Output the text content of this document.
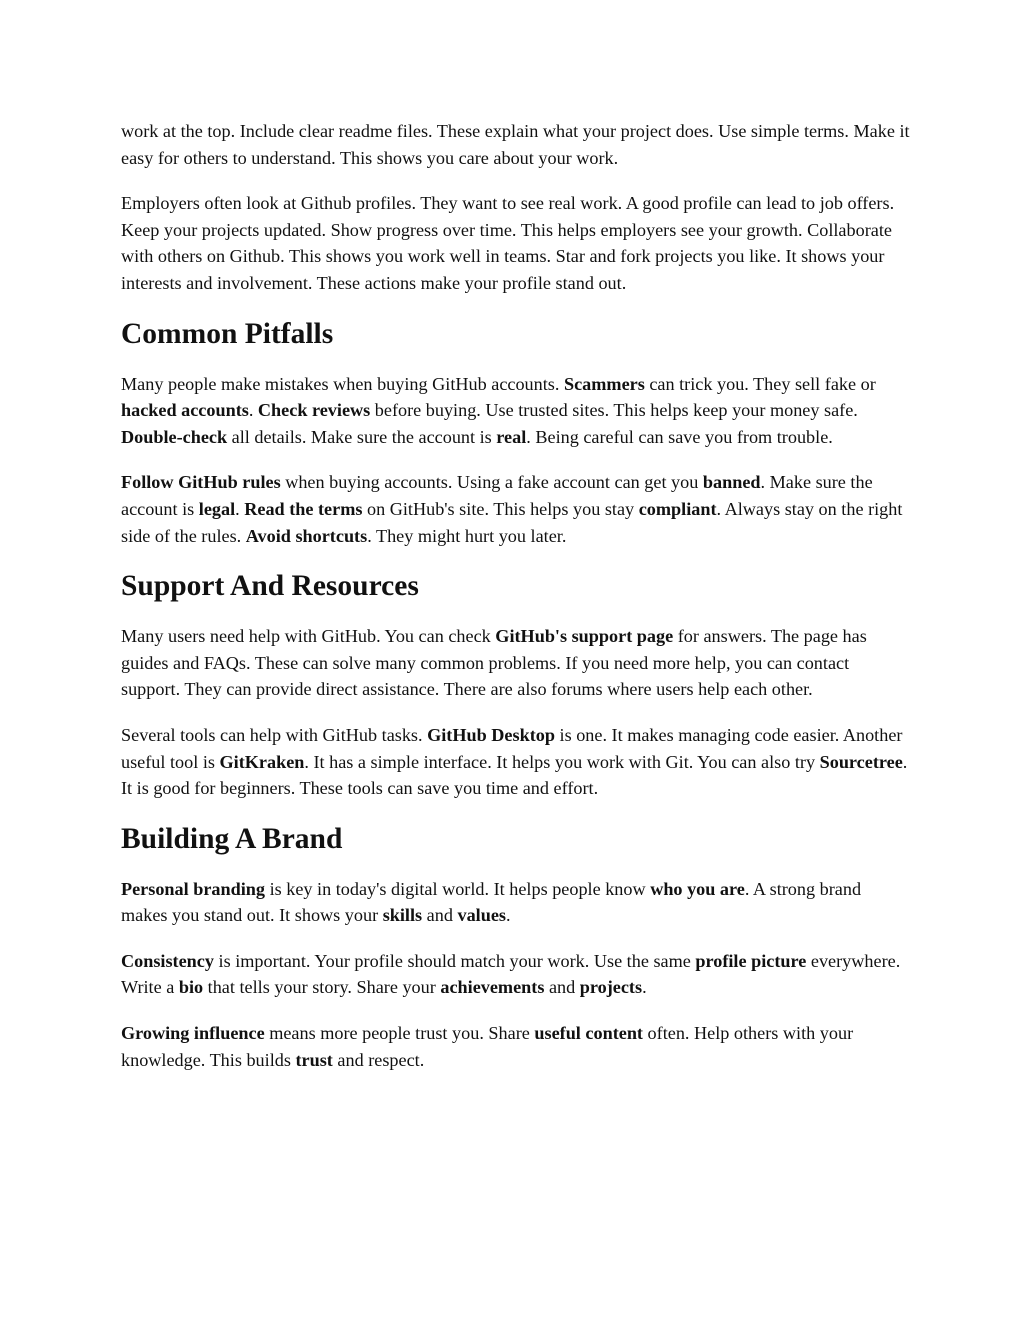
work at the top. Include clear readme files. These explain what your project does. Use simple terms. Make it easy for others to understand. This shows you care about your work.

Employers often look at Github profiles. They want to see real work. A good profile can lead to job offers. Keep your projects updated. Show progress over time. This helps employers see your growth. Collaborate with others on Github. This shows you work well in teams. Star and fork projects you like. It shows your interests and involvement. These actions make your profile stand out.

Common Pitfalls

Many people make mistakes when buying GitHub accounts. Scammers can trick you. They sell fake or hacked accounts. Check reviews before buying. Use trusted sites. This helps keep your money safe. Double-check all details. Make sure the account is real. Being careful can save you from trouble.

Follow GitHub rules when buying accounts. Using a fake account can get you banned. Make sure the account is legal. Read the terms on GitHub's site. This helps you stay compliant. Always stay on the right side of the rules. Avoid shortcuts. They might hurt you later.

Support And Resources

Many users need help with GitHub. You can check GitHub's support page for answers. The page has guides and FAQs. These can solve many common problems. If you need more help, you can contact support. They can provide direct assistance. There are also forums where users help each other.

Several tools can help with GitHub tasks. GitHub Desktop is one. It makes managing code easier. Another useful tool is GitKraken. It has a simple interface. It helps you work with Git. You can also try Sourcetree. It is good for beginners. These tools can save you time and effort.

Building A Brand

Personal branding is key in today's digital world. It helps people know who you are. A strong brand makes you stand out. It shows your skills and values.

Consistency is important. Your profile should match your work. Use the same profile picture everywhere. Write a bio that tells your story. Share your achievements and projects.

Growing influence means more people trust you. Share useful content often. Help others with your knowledge. This builds trust and respect.
